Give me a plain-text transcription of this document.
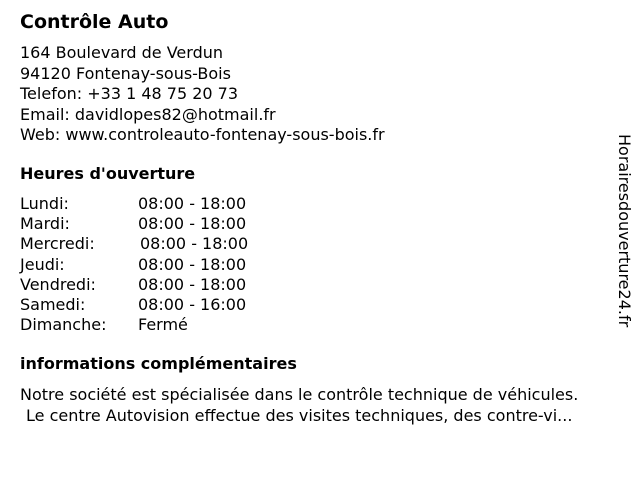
Contrôle Auto
164 Boulevard de Verdun
94120 Fontenay-sous-Bois
Telefon: +33 1 48 75 20 73
Email: davidlopes82@hotmail.fr
Web: www.controleauto-fontenay-sous-bois.fr
Heures d'ouverture
Lundi:	08:00 - 18:00
Mardi:	08:00 - 18:00
Mercredi:	08:00 - 18:00
Jeudi:	08:00 - 18:00
Vendredi:	08:00 - 18:00
Samedi:	08:00 - 16:00
Dimanche: Fermé
informations complémentaires
Notre société est spécialisée dans le contrôle technique de véhicules.
Le centre Autovision effectue des visites techniques, des contre-vi...
Horairesdouverture24.fr
